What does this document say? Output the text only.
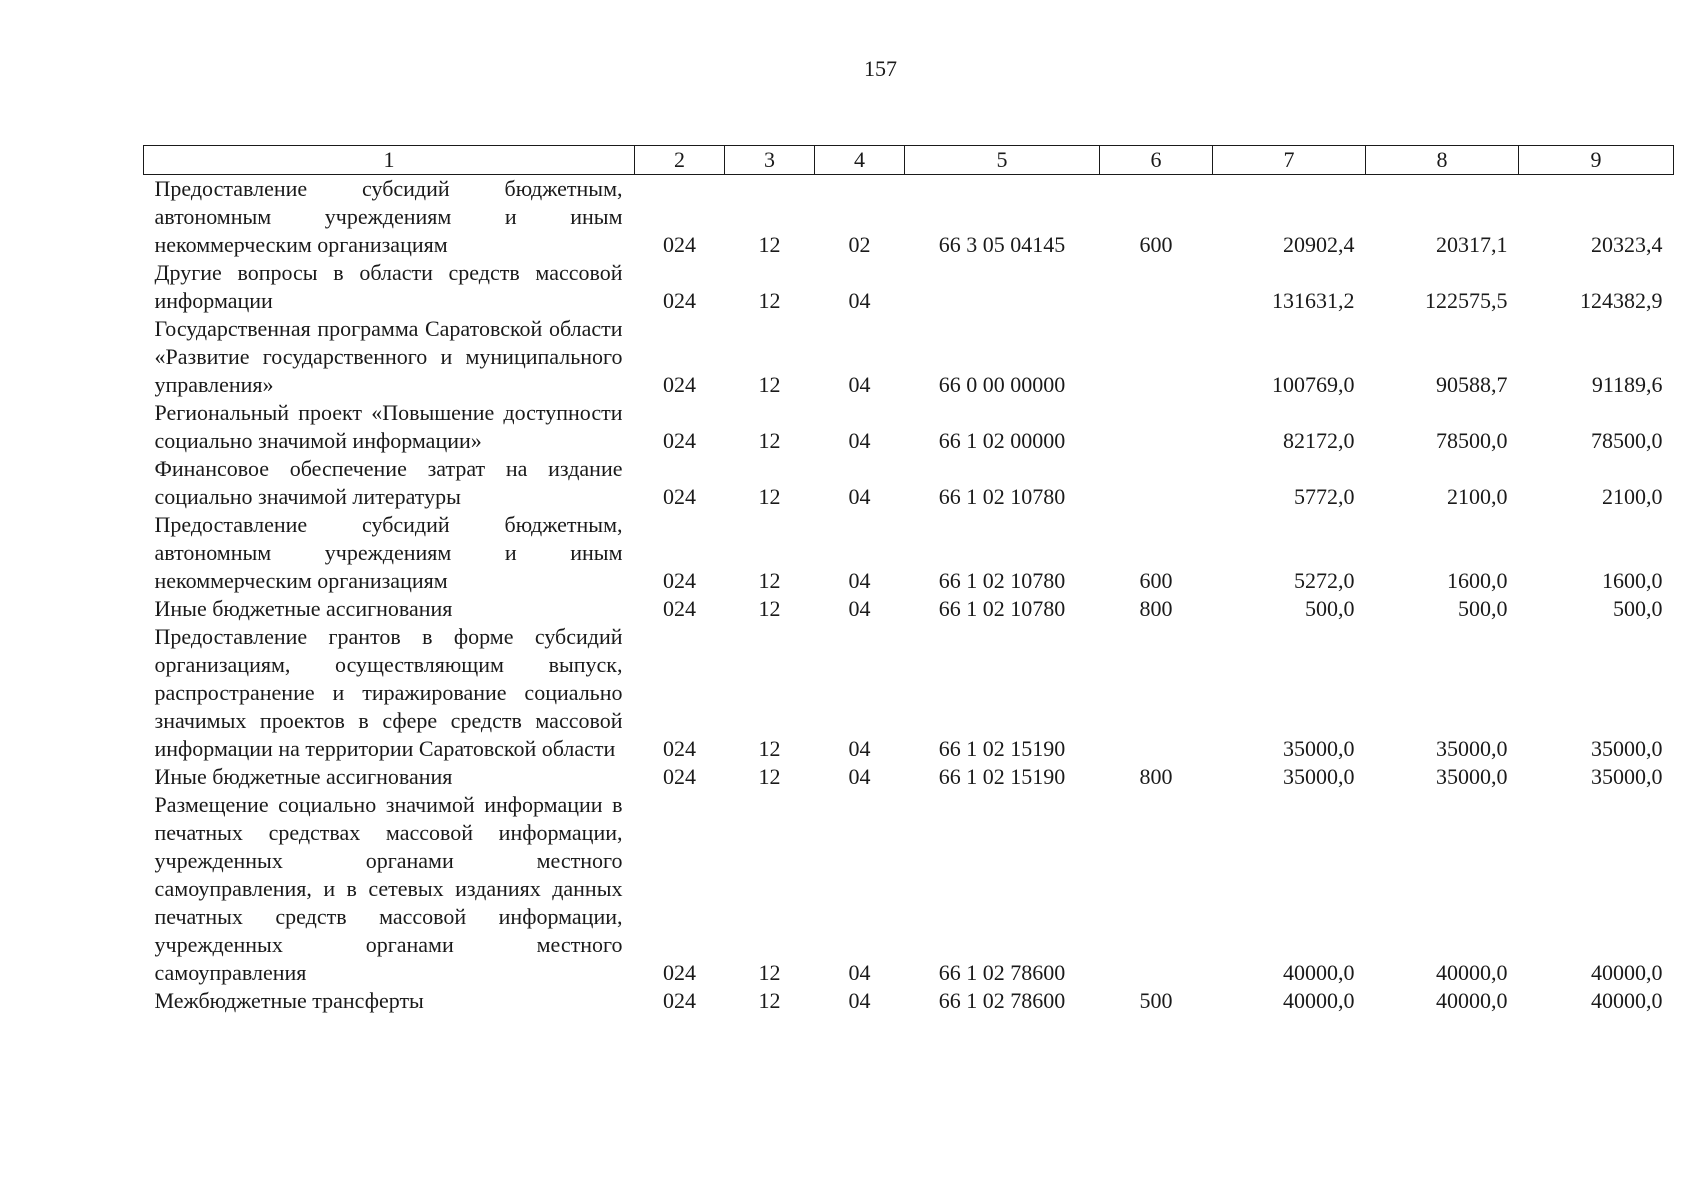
157
1	2	3	4	5	6	7	8	9
Предоставление субсидий бюджетным, автономным учреждениям и иным некоммерческим организациям	024	12	02	66 3 05 04145	600	20902,4	20317,1	20323,4
Другие вопросы в области средств массовой информации	024	12	04			131631,2	122575,5	124382,9
Государственная программа Саратовской области «Развитие государственного и муниципального управления»	024	12	04	66 0 00 00000		100769,0	90588,7	91189,6
Региональный проект «Повышение доступности социально значимой информации»	024	12	04	66 1 02 00000		82172,0	78500,0	78500,0
Финансовое обеспечение затрат на издание социально значимой литературы	024	12	04	66 1 02 10780		5772,0	2100,0	2100,0
Предоставление субсидий бюджетным, автономным учреждениям и иным некоммерческим организациям	024	12	04	66 1 02 10780	600	5272,0	1600,0	1600,0
Иные бюджетные ассигнования	024	12	04	66 1 02 10780	800	500,0	500,0	500,0
Предоставление грантов в форме субсидий организациям, осуществляющим выпуск, распространение и тиражирование социально значимых проектов в сфере средств массовой информации на территории Саратовской области	024	12	04	66 1 02 15190		35000,0	35000,0	35000,0
Иные бюджетные ассигнования	024	12	04	66 1 02 15190	800	35000,0	35000,0	35000,0
Размещение социально значимой информации в печатных средствах массовой информации, учрежденных органами местного самоуправления, и в сетевых изданиях данных печатных средств массовой информации, учрежденных органами местного самоуправления	024	12	04	66 1 02 78600		40000,0	40000,0	40000,0
Межбюджетные трансферты	024	12	04	66 1 02 78600	500	40000,0	40000,0	40000,0
